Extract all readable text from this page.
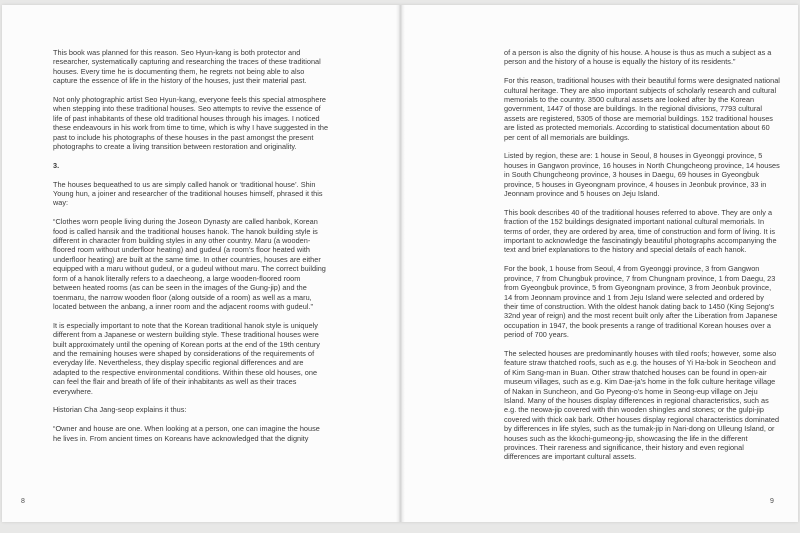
This book was planned for this reason. Seo Hyun-kang is both protector and researcher, systematically capturing and researching the traces of these traditional houses. Every time he is documenting them, he regrets not being able to also capture the essence of life in the history of the houses, just their material past.

Not only photographic artist Seo Hyun-kang, everyone feels this special atmosphere when stepping into these traditional houses. Seo attempts to revive the essence of life of past inhabitants of these old traditional houses through his images. I noticed these endeavours in his work from time to time, which is why I have suggested in the past to include his photographs of these houses in the past amongst the present photographs to create a living transition between restoration and originality.

3.

The houses bequeathed to us are simply called hanok or ‘traditional house’. Shin Young hun, a joiner and researcher of the traditional houses himself, phrased it this way:

“Clothes worn people living during the Joseon Dynasty are called hanbok, Korean food is called hansik and the traditional houses hanok. The hanok building style is different in character from building styles in any other country. Maru (a wooden-floored room without underfloor heating) and gudeul (a room’s floor heated with underfloor heating) are built at the same time. In other countries, houses are either equipped with a maru without gudeul, or a gudeul without maru. The correct building form of a hanok literally refers to a daecheong, a large wooden-floored room between heated rooms (as can be seen in the images of the Gung-jip) and the toenmaru, the narrow wooden floor (along outside of a room) as well as a maru, located between the anbang, a inner room and the adjacent rooms with gudeul.”

It is especially important to note that the Korean traditional hanok style is uniquely different from a Japanese or western building style. These traditional houses were built approximately until the opening of Korean ports at the end of the 19th century and the remaining houses were shaped by considerations of the requirements of everyday life. Nevertheless, they display specific regional differences and are adapted to the respective environmental conditions. Within these old houses, one can feel the flair and breath of life of their inhabitants as well as their traces everywhere.

Historian Cha Jang-seop explains it thus:

“Owner and house are one. When looking at a person, one can imagine the house he lives in. From ancient times on Koreans have acknowledged that the dignity

8

of a person is also the dignity of his house. A house is thus as much a subject as a person and the history of a house is equally the history of its residents.”

For this reason, traditional houses with their beautiful forms were designated national cultural heritage. They are also important subjects of scholarly research and cultural memorials to the country. 3500 cultural assets are looked after by the Korean government, 1447 of those are buildings. In the regional divisions, 7793 cultural assets are registered, 5305 of those are memorial buildings. 152 traditional houses are listed as protected memorials. According to statistical documentation about 60 per cent of all memorials are buildings.

Listed by region, these are: 1 house in Seoul, 8 houses in Gyeonggi province, 5 houses in Gangwon province, 16 houses in North Chungcheong province, 14 houses in South Chungcheong province, 3 houses in Daegu, 69 houses in Gyeongbuk province, 5 houses in Gyeongnam province, 4 houses in Jeonbuk province, 33 in Jeonnam province and 5 houses on Jeju Island.

This book describes 40 of the traditional houses referred to above. They are only a fraction of the 152 buildings designated important national cultural memorials. In terms of order, they are ordered by area, time of construction and form of living. It is important to acknowledge the fascinatingly beautiful photographs accompanying the text and brief explanations to the history and special details of each hanok.

For the book, 1 house from Seoul, 4 from Gyeonggi province, 3 from Gangwon province, 7 from Chungbuk province, 7 from Chungnam province, 1 from Daegu, 23 from Gyeongbuk province, 5 from Gyeongnam province, 3 from Jeonbuk province, 14 from Jeonnam province and 1 from Jeju Island were selected and ordered by their time of construction. With the oldest hanok dating back to 1450 (King Sejong’s 32nd year of reign) and the most recent built only after the Liberation from Japanese occupation in 1947, the book presents a range of traditional Korean houses over a period of 700 years.

The selected houses are predominantly houses with tiled roofs; however, some also feature straw thatched roofs, such as e.g. the houses of Yi Ha-bok in Seocheon and of Kim Sang-man in Buan. Other straw thatched houses can be found in open-air museum villages, such as e.g. Kim Dae-ja’s home in the folk culture heritage village of Nakan in Suncheon, and Go Pyeong-o’s home in Seong-eup village on Jeju Island. Many of the houses display differences in regional characteristics, such as e.g. the neowa-jip covered with thin wooden shingles and stones; or the gulpi-jip covered with thick oak bark. Other houses display regional characteristics dominated by differences in life styles, such as the tumak-jip in Nari-dong on Ulleung Island, or houses such as the kkochi-gumeong-jip, showcasing the life in the different provinces. Their rareness and significance, their history and even regional differences are important cultural assets.

9
